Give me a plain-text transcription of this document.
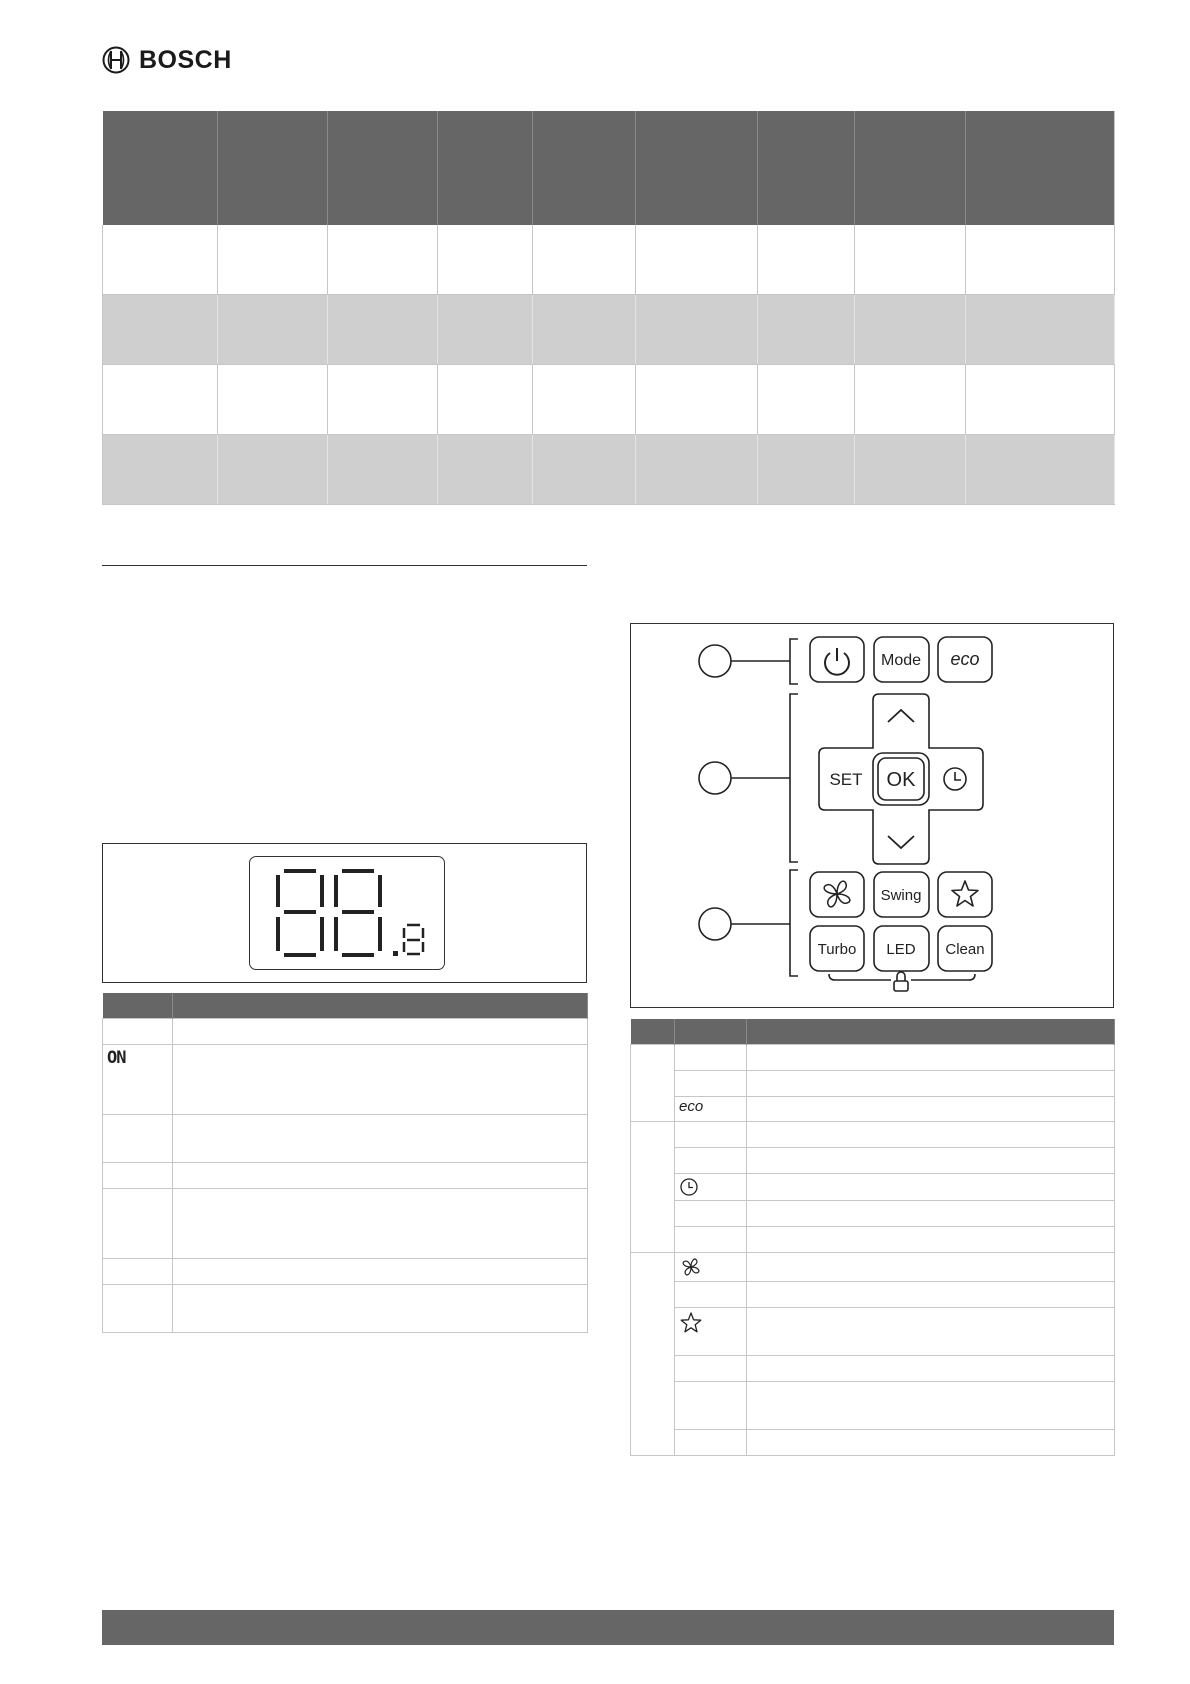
BOSCH

ON	

Mode eco
SET OK
Swing
Turbo LED Clean

	eco	
